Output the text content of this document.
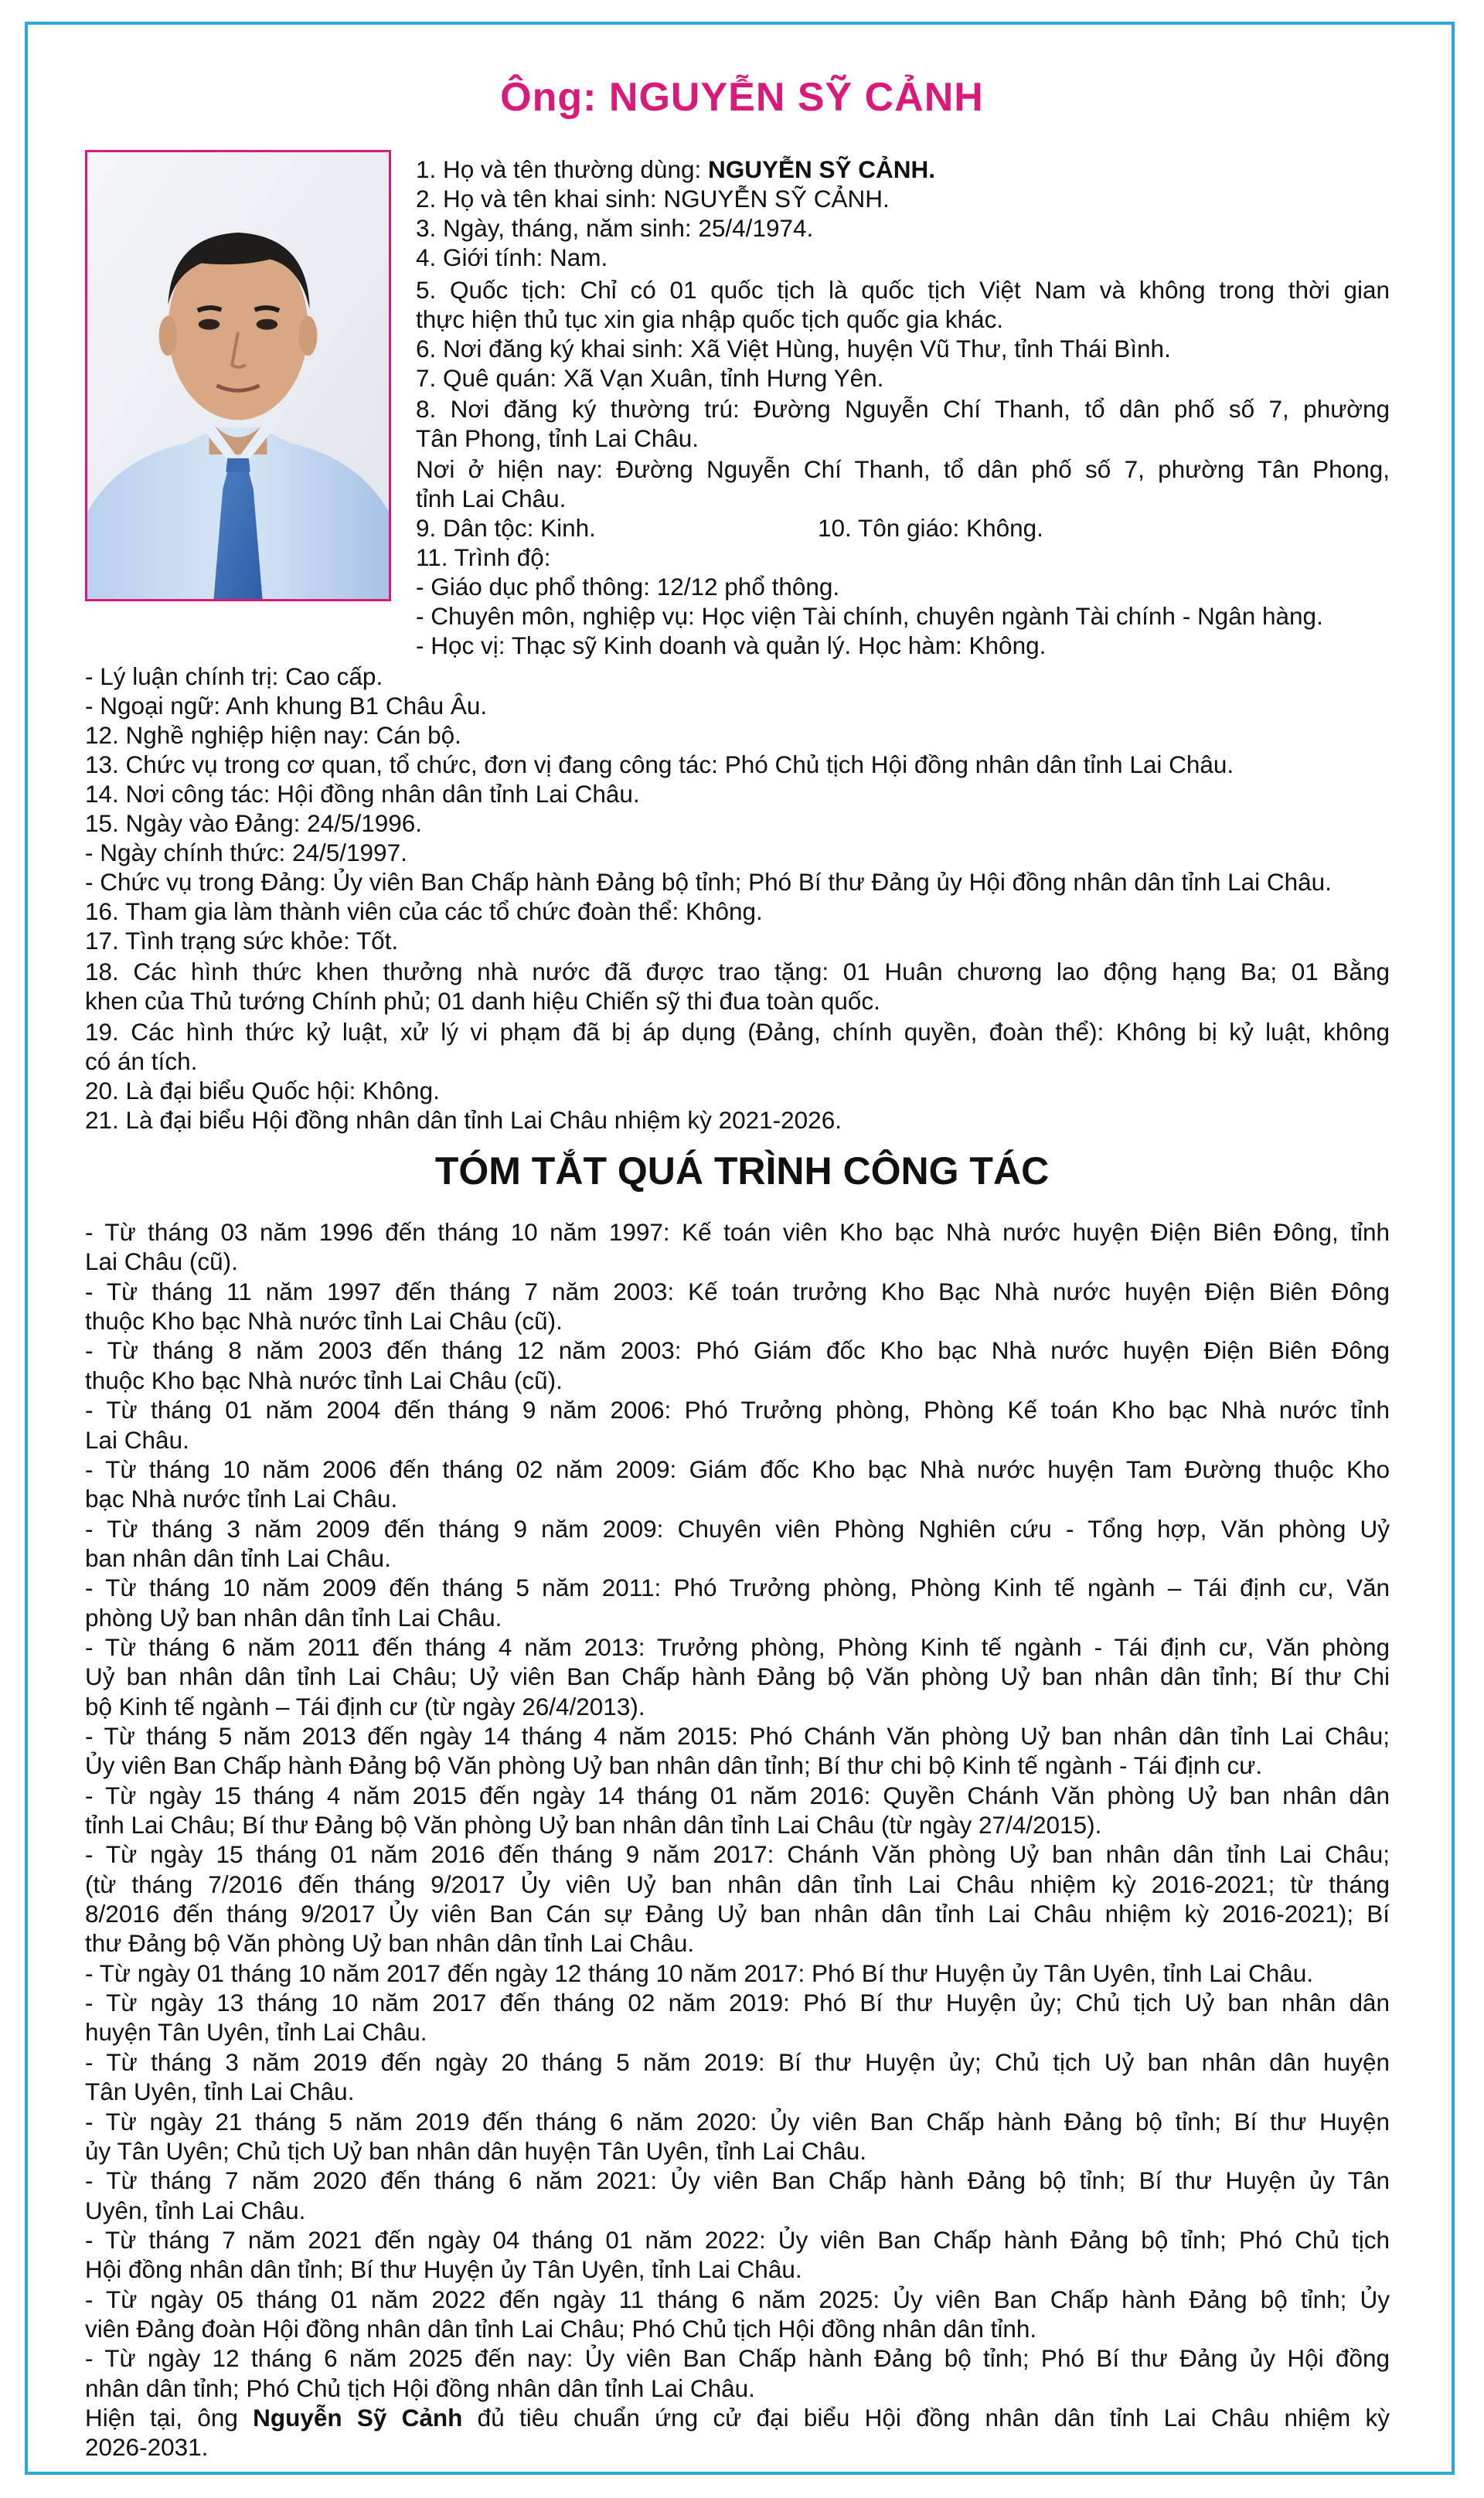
Ông: NGUYỄN SỸ CẢNH
1. Họ và tên thường dùng: NGUYỄN SỸ CẢNH.
2. Họ và tên khai sinh: NGUYỄN SỸ CẢNH.
3. Ngày, tháng, năm sinh: 25/4/1974.
4. Giới tính: Nam.
5. Quốc tịch: Chỉ có 01 quốc tịch là quốc tịch Việt Nam và không trong thời gian
thực hiện thủ tục xin gia nhập quốc tịch quốc gia khác.
6. Nơi đăng ký khai sinh: Xã Việt Hùng, huyện Vũ Thư, tỉnh Thái Bình.
7. Quê quán: Xã Vạn Xuân, tỉnh Hưng Yên.
8. Nơi đăng ký thường trú: Đường Nguyễn Chí Thanh, tổ dân phố số 7, phường
Tân Phong, tỉnh Lai Châu.
Nơi ở hiện nay: Đường Nguyễn Chí Thanh, tổ dân phố số 7, phường Tân Phong,
tỉnh Lai Châu.
9. Dân tộc: Kinh.	10. Tôn giáo: Không.
11. Trình độ:
- Giáo dục phổ thông: 12/12 phổ thông.
- Chuyên môn, nghiệp vụ: Học viện Tài chính, chuyên ngành Tài chính - Ngân hàng.
- Học vị: Thạc sỹ Kinh doanh và quản lý. Học hàm: Không.
- Lý luận chính trị: Cao cấp.
- Ngoại ngữ: Anh khung B1 Châu Âu.
12. Nghề nghiệp hiện nay: Cán bộ.
13. Chức vụ trong cơ quan, tổ chức, đơn vị đang công tác: Phó Chủ tịch Hội đồng nhân dân tỉnh Lai Châu.
14. Nơi công tác: Hội đồng nhân dân tỉnh Lai Châu.
15. Ngày vào Đảng: 24/5/1996.
- Ngày chính thức: 24/5/1997.
- Chức vụ trong Đảng: Ủy viên Ban Chấp hành Đảng bộ tỉnh; Phó Bí thư Đảng ủy Hội đồng nhân dân tỉnh Lai Châu.
16. Tham gia làm thành viên của các tổ chức đoàn thể: Không.
17. Tình trạng sức khỏe: Tốt.
18. Các hình thức khen thưởng nhà nước đã được trao tặng: 01 Huân chương lao động hạng Ba; 01 Bằng
khen của Thủ tướng Chính phủ; 01 danh hiệu Chiến sỹ thi đua toàn quốc.
19. Các hình thức kỷ luật, xử lý vi phạm đã bị áp dụng (Đảng, chính quyền, đoàn thể): Không bị kỷ luật, không
có án tích.
20. Là đại biểu Quốc hội: Không.
21. Là đại biểu Hội đồng nhân dân tỉnh Lai Châu nhiệm kỳ 2021-2026.
TÓM TẮT QUÁ TRÌNH CÔNG TÁC
- Từ tháng 03 năm 1996 đến tháng 10 năm 1997: Kế toán viên Kho bạc Nhà nước huyện Điện Biên Đông, tỉnh
Lai Châu (cũ).
- Từ tháng 11 năm 1997 đến tháng 7 năm 2003: Kế toán trưởng Kho Bạc Nhà nước huyện Điện Biên Đông
thuộc Kho bạc Nhà nước tỉnh Lai Châu (cũ).
- Từ tháng 8 năm 2003 đến tháng 12 năm 2003: Phó Giám đốc Kho bạc Nhà nước huyện Điện Biên Đông
thuộc Kho bạc Nhà nước tỉnh Lai Châu (cũ).
- Từ tháng 01 năm 2004 đến tháng 9 năm 2006: Phó Trưởng phòng, Phòng Kế toán Kho bạc Nhà nước tỉnh
Lai Châu.
- Từ tháng 10 năm 2006 đến tháng 02 năm 2009: Giám đốc Kho bạc Nhà nước huyện Tam Đường thuộc Kho
bạc Nhà nước tỉnh Lai Châu.
- Từ tháng 3 năm 2009 đến tháng 9 năm 2009: Chuyên viên Phòng Nghiên cứu - Tổng hợp, Văn phòng Uỷ
ban nhân dân tỉnh Lai Châu.
- Từ tháng 10 năm 2009 đến tháng 5 năm 2011: Phó Trưởng phòng, Phòng Kinh tế ngành – Tái định cư, Văn
phòng Uỷ ban nhân dân tỉnh Lai Châu.
- Từ tháng 6 năm 2011 đến tháng 4 năm 2013: Trưởng phòng, Phòng Kinh tế ngành - Tái định cư, Văn phòng
Uỷ ban nhân dân tỉnh Lai Châu; Uỷ viên Ban Chấp hành Đảng bộ Văn phòng Uỷ ban nhân dân tỉnh; Bí thư Chi
bộ Kinh tế ngành – Tái định cư (từ ngày 26/4/2013).
- Từ tháng 5 năm 2013 đến ngày 14 tháng 4 năm 2015: Phó Chánh Văn phòng Uỷ ban nhân dân tỉnh Lai Châu;
Ủy viên Ban Chấp hành Đảng bộ Văn phòng Uỷ ban nhân dân tỉnh; Bí thư chi bộ Kinh tế ngành - Tái định cư.
- Từ ngày 15 tháng 4 năm 2015 đến ngày 14 tháng 01 năm 2016: Quyền Chánh Văn phòng Uỷ ban nhân dân
tỉnh Lai Châu; Bí thư Đảng bộ Văn phòng Uỷ ban nhân dân tỉnh Lai Châu (từ ngày 27/4/2015).
- Từ ngày 15 tháng 01 năm 2016 đến tháng 9 năm 2017: Chánh Văn phòng Uỷ ban nhân dân tỉnh Lai Châu;
(từ tháng 7/2016 đến tháng 9/2017 Ủy viên Uỷ ban nhân dân tỉnh Lai Châu nhiệm kỳ 2016-2021; từ tháng
8/2016 đến tháng 9/2017 Ủy viên Ban Cán sự Đảng Uỷ ban nhân dân tỉnh Lai Châu nhiệm kỳ 2016-2021); Bí
thư Đảng bộ Văn phòng Uỷ ban nhân dân tỉnh Lai Châu.
- Từ ngày 01 tháng 10 năm 2017 đến ngày 12 tháng 10 năm 2017: Phó Bí thư Huyện ủy Tân Uyên, tỉnh Lai Châu.
- Từ ngày 13 tháng 10 năm 2017 đến tháng 02 năm 2019: Phó Bí thư Huyện ủy; Chủ tịch Uỷ ban nhân dân
huyện Tân Uyên, tỉnh Lai Châu.
- Từ tháng 3 năm 2019 đến ngày 20 tháng 5 năm 2019: Bí thư Huyện ủy; Chủ tịch Uỷ ban nhân dân huyện
Tân Uyên, tỉnh Lai Châu.
- Từ ngày 21 tháng 5 năm 2019 đến tháng 6 năm 2020: Ủy viên Ban Chấp hành Đảng bộ tỉnh; Bí thư Huyện
ủy Tân Uyên; Chủ tịch Uỷ ban nhân dân huyện Tân Uyên, tỉnh Lai Châu.
- Từ tháng 7 năm 2020 đến tháng 6 năm 2021: Ủy viên Ban Chấp hành Đảng bộ tỉnh; Bí thư Huyện ủy Tân
Uyên, tỉnh Lai Châu.
- Từ tháng 7 năm 2021 đến ngày 04 tháng 01 năm 2022: Ủy viên Ban Chấp hành Đảng bộ tỉnh; Phó Chủ tịch
Hội đồng nhân dân tỉnh; Bí thư Huyện ủy Tân Uyên, tỉnh Lai Châu.
- Từ ngày 05 tháng 01 năm 2022 đến ngày 11 tháng 6 năm 2025: Ủy viên Ban Chấp hành Đảng bộ tỉnh; Ủy
viên Đảng đoàn Hội đồng nhân dân tỉnh Lai Châu; Phó Chủ tịch Hội đồng nhân dân tỉnh.
- Từ ngày 12 tháng 6 năm 2025 đến nay: Ủy viên Ban Chấp hành Đảng bộ tỉnh; Phó Bí thư Đảng ủy Hội đồng
nhân dân tỉnh; Phó Chủ tịch Hội đồng nhân dân tỉnh Lai Châu.
Hiện tại, ông Nguyễn Sỹ Cảnh đủ tiêu chuẩn ứng cử đại biểu Hội đồng nhân dân tỉnh Lai Châu nhiệm kỳ
2026-2031.
